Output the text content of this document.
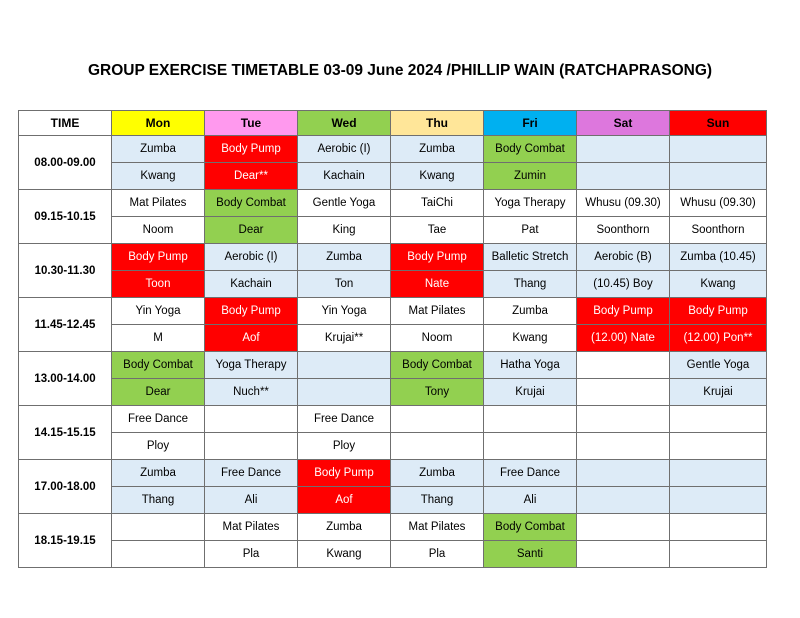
GROUP EXERCISE TIMETABLE 03-09 June 2024 /PHILLIP WAIN (RATCHAPRASONG)
TIME	Mon	Tue	Wed	Thu	Fri	Sat	Sun
08.00-09.00	Zumba	Body Pump	Aerobic (I)	Zumba	Body Combat		
	Kwang	Dear**	Kachain	Kwang	Zumin		
09.15-10.15	Mat Pilates	Body Combat	Gentle Yoga	TaiChi	Yoga Therapy	Whusu (09.30)	Whusu (09.30)
	Noom	Dear	King	Tae	Pat	Soonthorn	Soonthorn
10.30-11.30	Body Pump	Aerobic (I)	Zumba	Body Pump	Balletic Stretch	Aerobic (B)	Zumba (10.45)
	Toon	Kachain	Ton	Nate	Thang	(10.45) Boy	Kwang
11.45-12.45	Yin Yoga	Body Pump	Yin Yoga	Mat Pilates	Zumba	Body Pump	Body Pump
	M	Aof	Krujai**	Noom	Kwang	(12.00) Nate	(12.00) Pon**
13.00-14.00	Body Combat	Yoga Therapy		Body Combat	Hatha Yoga		Gentle Yoga
	Dear	Nuch**		Tony	Krujai		Krujai
14.15-15.15	Free Dance		Free Dance				
	Ploy		Ploy				
17.00-18.00	Zumba	Free Dance	Body Pump	Zumba	Free Dance		
	Thang	Ali	Aof	Thang	Ali		
18.15-19.15		Mat Pilates	Zumba	Mat Pilates	Body Combat		
		Pla	Kwang	Pla	Santi		
